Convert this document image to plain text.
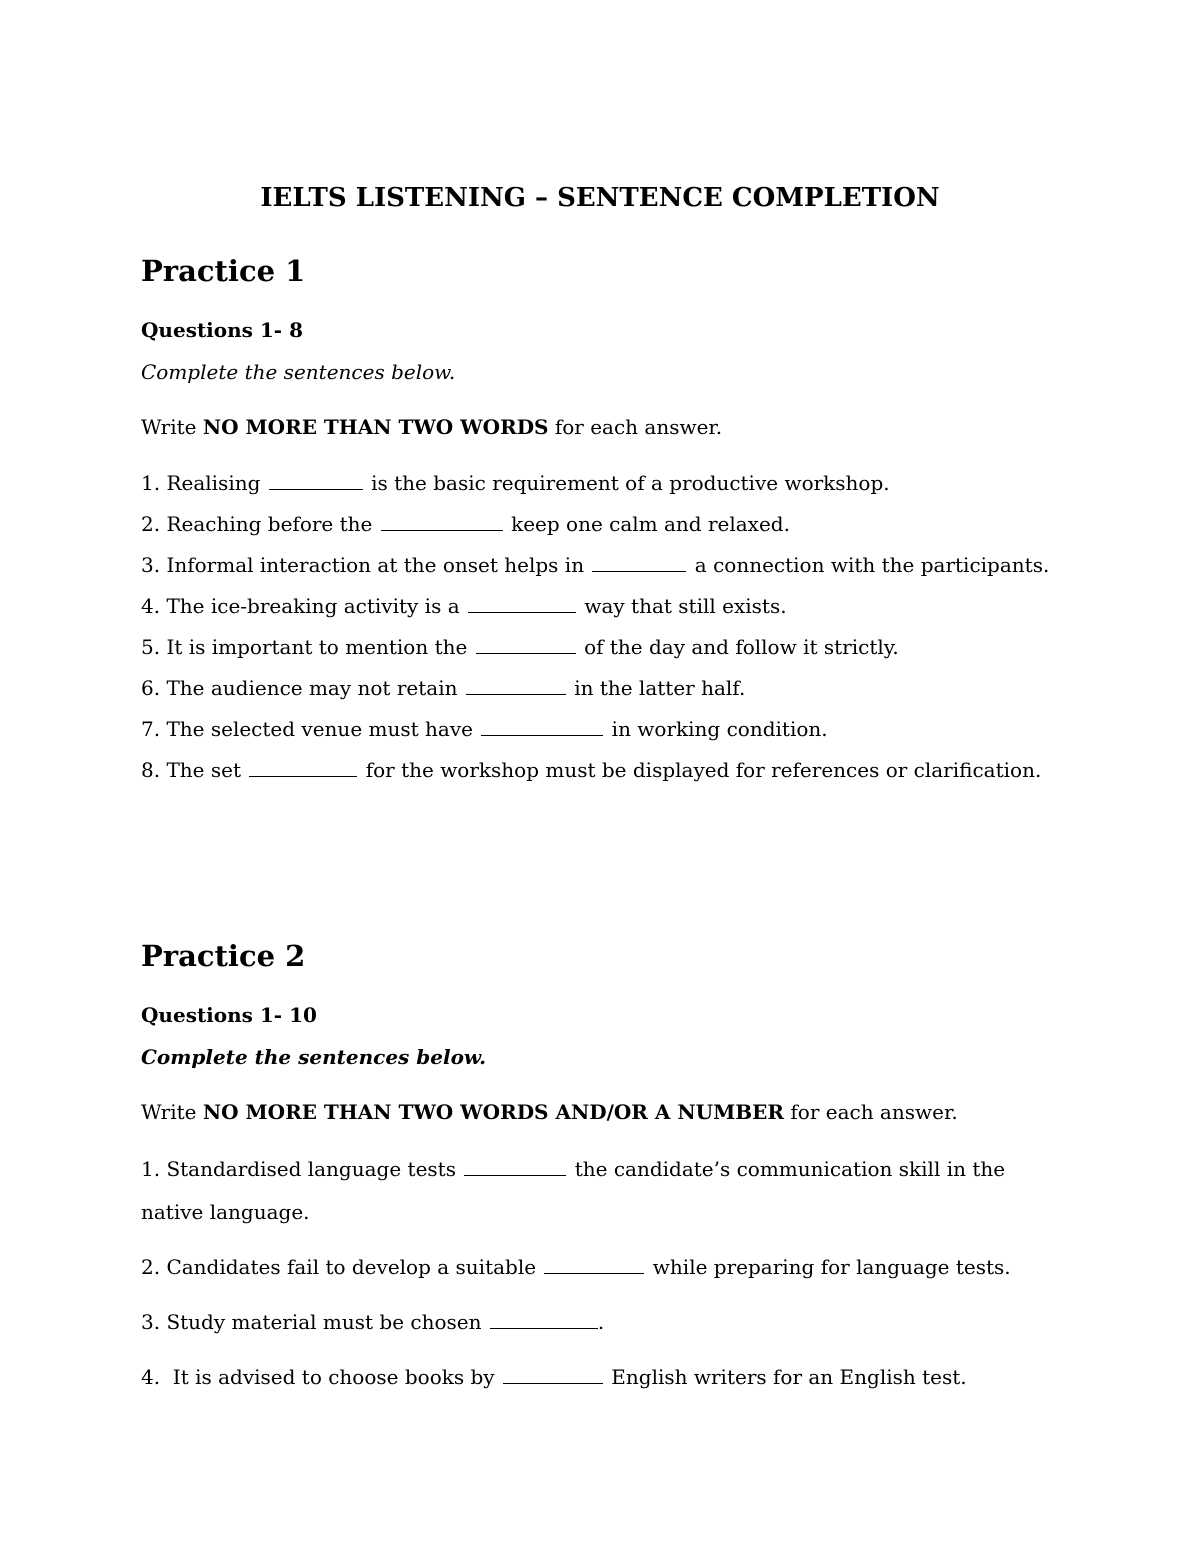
IELTS LISTENING – SENTENCE COMPLETION
Practice 1
Questions 1- 8

Complete the sentences below.

Write NO MORE THAN TWO WORDS for each answer.

1. Realising	is the basic requirement of a productive workshop.
2. Reaching before the	keep one calm and relaxed.
3. Informal interaction at the onset helps in	a connection with the participants.
4. The ice-breaking activity is a	way that still exists.
5. It is important to mention the	of the day and follow it strictly.
6. The audience may not retain	in the latter half.
7. The selected venue must have	in working condition.
8. The set	for the workshop must be displayed for references or clarification.
Practice 2
Questions 1- 10

Complete the sentences below.

Write NO MORE THAN TWO WORDS AND/OR A NUMBER for each answer.

1. Standardised language tests	the candidate’s communication skill in the native language.
2. Candidates fail to develop a suitable	while preparing for language tests.
3. Study material must be chosen	.
4.  It is advised to choose books by	English writers for an English test.
